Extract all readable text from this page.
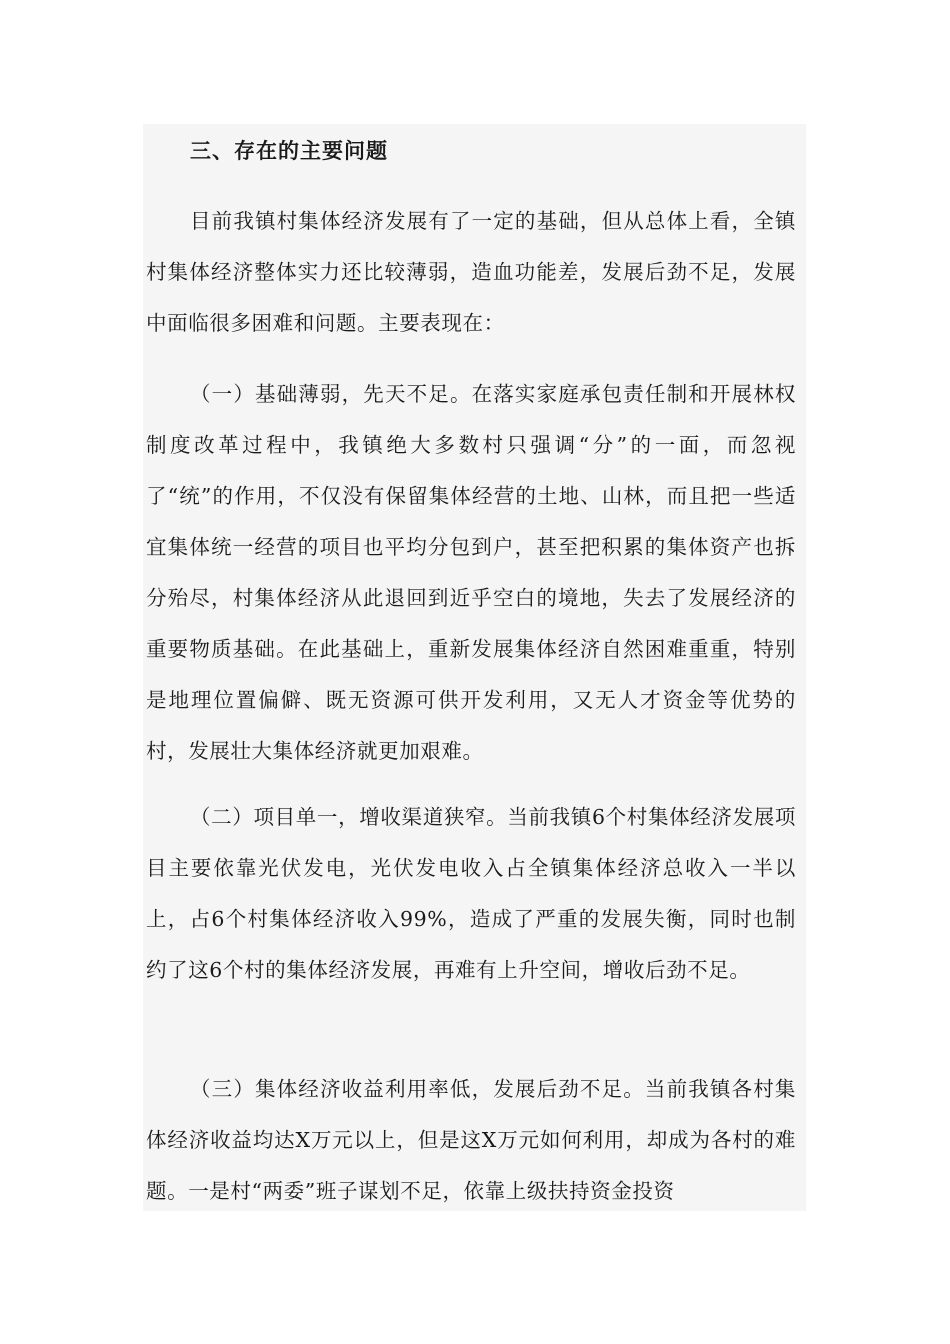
三、存在的主要问题

目前我镇村集体经济发展有了一定的基础，但从总体上看，全镇村集体经济整体实力还比较薄弱，造血功能差，发展后劲不足，发展中面临很多困难和问题。主要表现在：

（一）基础薄弱，先天不足。在落实家庭承包责任制和开展林权制度改革过程中，我镇绝大多数村只强调“分”的一面，而忽视了“统”的作用，不仅没有保留集体经营的土地、山林，而且把一些适宜集体统一经营的项目也平均分包到户，甚至把积累的集体资产也拆分殆尽，村集体经济从此退回到近乎空白的境地，失去了发展经济的重要物质基础。在此基础上，重新发展集体经济自然困难重重，特别是地理位置偏僻、既无资源可供开发利用，又无人才资金等优势的村，发展壮大集体经济就更加艰难。

（二）项目单一，增收渠道狭窄。当前我镇6个村集体经济发展项目主要依靠光伏发电，光伏发电收入占全镇集体经济总收入一半以上，占6个村集体经济收入99%，造成了严重的发展失衡，同时也制约了这6个村的集体经济发展，再难有上升空间，增收后劲不足。

（三）集体经济收益利用率低，发展后劲不足。当前我镇各村集体经济收益均达X万元以上，但是这X万元如何利用，却成为各村的难题。一是村“两委”班子谋划不足，依靠上级扶持资金投资
